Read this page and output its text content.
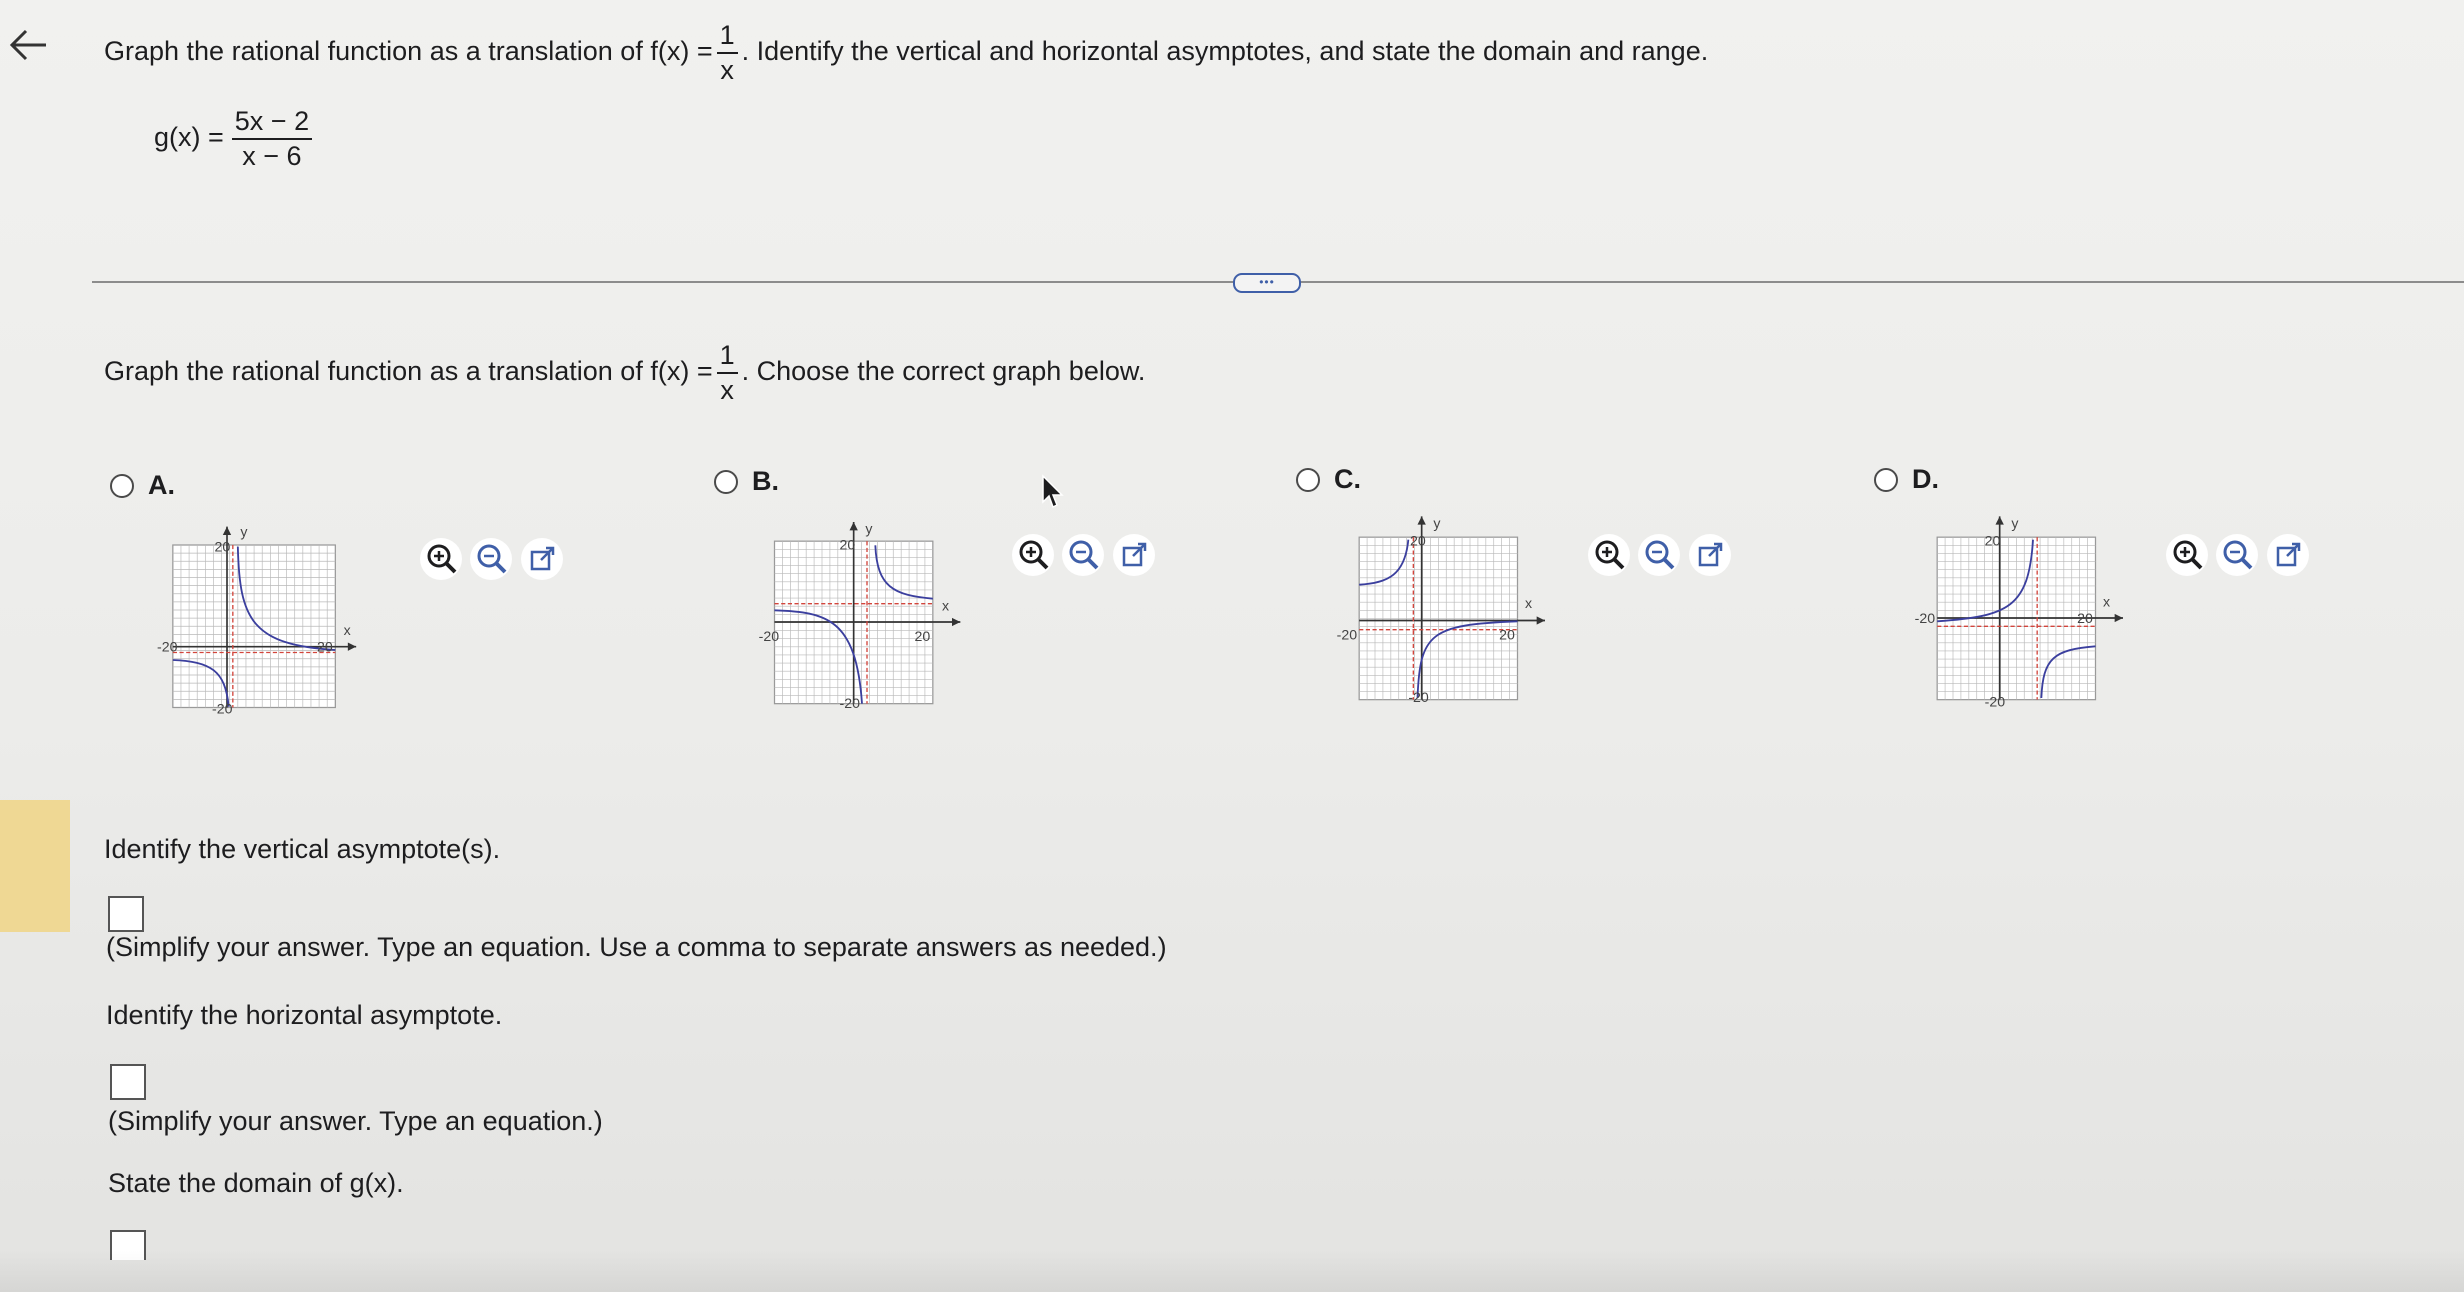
Graph the rational function as a translation of $f(x) = \frac{1}{x}$ . Identify the vertical and horizontal asymptotes, and state the domain and range.
$g(x) = \frac{5x - 2}{x - 6}$
•••
Graph the rational function as a translation of $f(x) = \frac{1}{x}$ . Choose the correct graph below.
A.
20
-20	20
-20
x
y

B.
20
-20	20
-20
x
y

C.
20
-20	20
-20
x
y

D.
20
-20	20
-20
x
y

Identify the vertical asymptote(s).
(Simplify your answer. Type an equation. Use a comma to separate answers as needed.)
Identify the horizontal asymptote.
(Simplify your answer. Type an equation.)
State the domain of g(x).
